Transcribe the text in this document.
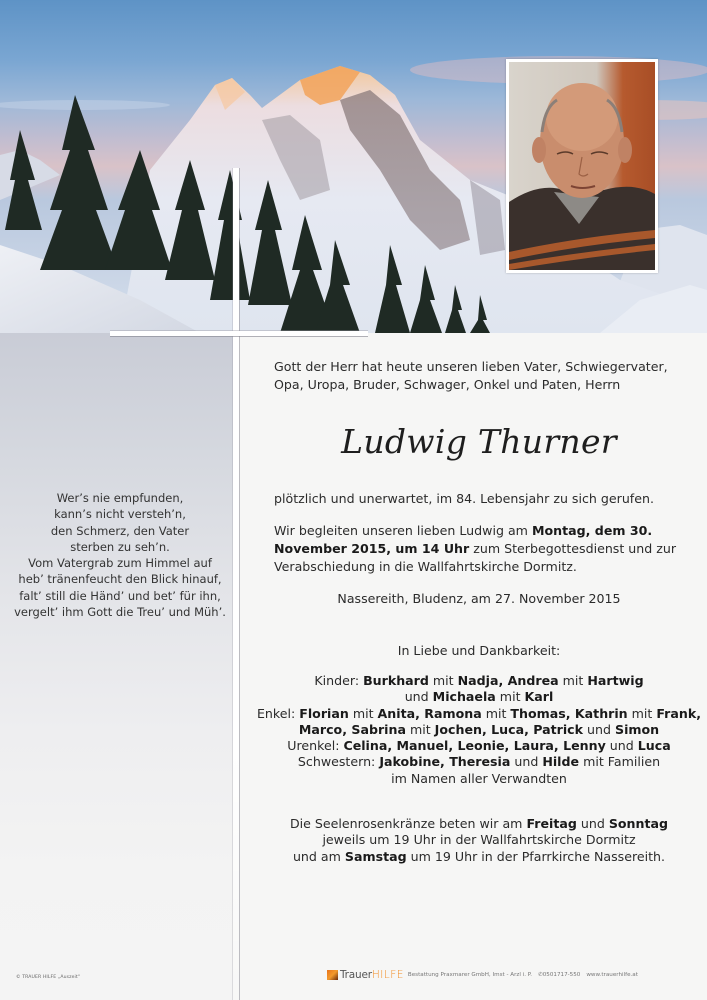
Wer’s nie empfunden,
kann’s nicht versteh’n,
den Schmerz, den Vater
sterben zu seh’n.
Vom Vatergrab zum Himmel auf
heb’ tränenfeucht den Blick hinauf,
falt’ still die Händ’ und bet’ für ihn,
vergelt’ ihm Gott die Treu’ und Müh’.

Gott der Herr hat heute unseren lieben Vater, Schwiegervater, Opa, Uropa, Bruder, Schwager, Onkel und Paten, Herrn

Ludwig Thurner

plötzlich und unerwartet, im 84. Lebensjahr zu sich gerufen.

Wir begleiten unseren lieben Ludwig am Montag, dem 30. November 2015, um 14 Uhr zum Sterbegottesdienst und zur Verabschiedung in die Wallfahrtskirche Dormitz.

Nassereith, Bludenz, am 27. November 2015

In Liebe und Dankbarkeit:

Kinder: Burkhard mit Nadja, Andrea mit Hartwig
und Michaela mit Karl
Enkel: Florian mit Anita, Ramona mit Thomas, Kathrin mit Frank,
Marco, Sabrina mit Jochen, Luca, Patrick und Simon
Urenkel: Celina, Manuel, Leonie, Laura, Lenny und Luca
Schwestern: Jakobine, Theresia und Hilde mit Familien
im Namen aller Verwandten
Die Seelenrosenkränze beten wir am Freitag und Sonntag
jeweils um 19 Uhr in der Wallfahrtskirche Dormitz
und am Samstag um 19 Uhr in der Pfarrkirche Nassereith.
© TRAUER HILFE „Auszeit“	Trauer HILFE Bestattung Praxmarer GmbH, Imst - Arzl i. P. ✆ 0501717-550 www.trauerhilfe.at
